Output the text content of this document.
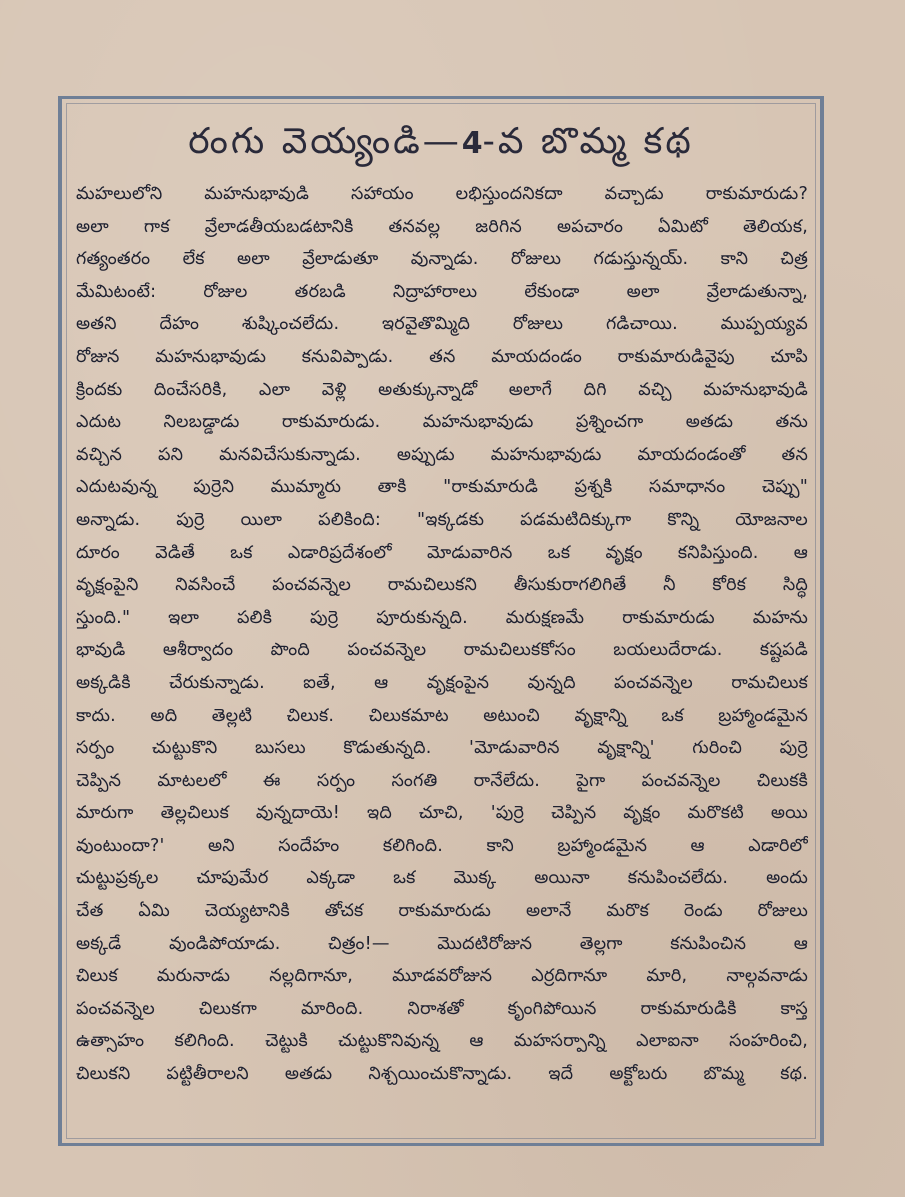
రంగు వెయ్యండి—4-వ బొమ్మ కథ
మహలులోని మహనుభావుడి సహాయం లభిస్తుందనికదా వచ్చాడు రాకుమారుడు?
అలా గాక వ్రేలాడతీయబడటానికి తనవల్ల జరిగిన అపచారం ఏమిటో తెలియక,
గత్యంతరం లేక అలా వ్రేలాడుతూ వున్నాడు. రోజులు గడుస్తున్నయ్. కాని చిత్ర
మేమిటంటే: రోజుల తరబడి నిద్రాహారాలు లేకుండా అలా వ్రేలాడుతున్నా,
అతని దేహం శుష్కించలేదు. ఇరవైతొమ్మిది రోజులు గడిచాయి. ముప్పయ్యవ
రోజున మహనుభావుడు కనువిప్పాడు. తన మాయదండం రాకుమారుడివైపు చూపి
క్రిందకు దించేసరికి, ఎలా వెళ్లి అతుక్కున్నాడో అలాగే దిగి వచ్చి మహనుభావుడి
ఎదుట నిలబడ్డాడు రాకుమారుడు. మహనుభావుడు ప్రశ్నించగా అతడు తను
వచ్చిన పని మనవిచేసుకున్నాడు. అప్పుడు మహనుభావుడు మాయదండంతో తన
ఎదుటవున్న పుర్రెని ముమ్మారు తాకి "రాకుమారుడి ప్రశ్నకి సమాధానం చెప్పు"
అన్నాడు. పుర్రె యిలా పలికింది: "ఇక్కడకు పడమటిదిక్కుగా కొన్ని యోజనాల
దూరం వెడితే ఒక ఎడారిప్రదేశంలో మోడువారిన ఒక వృక్షం కనిపిస్తుంది. ఆ
వృక్షంపైని నివసించే పంచవన్నెల రామచిలుకని తీసుకురాగలిగితే నీ కోరిక సిద్ధి
స్తుంది." ఇలా పలికి పుర్రె పూరుకున్నది. మరుక్షణమే రాకుమారుడు మహను
భావుడి ఆశీర్వాదం పొంది పంచవన్నెల రామచిలుకకోసం బయలుదేరాడు. కష్టపడి
అక్కడికి చేరుకున్నాడు. ఐతే, ఆ వృక్షంపైన వున్నది పంచవన్నెల రామచిలుక
కాదు. అది తెల్లటి చిలుక. చిలుకమాట అటుంచి వృక్షాన్ని ఒక బ్రహ్మాండమైన
సర్పం చుట్టుకొని బుసలు కొడుతున్నది. 'మోడువారిన వృక్షాన్ని' గురించి పుర్రె
చెప్పిన మాటలలో ఈ సర్పం సంగతి రానేలేదు. పైగా పంచవన్నెల చిలుకకి
మారుగా తెల్లచిలుక వున్నదాయె! ఇది చూచి, 'పుర్రె చెప్పిన వృక్షం మరొకటి అయి
వుంటుందా?' అని సందేహం కలిగింది. కాని బ్రహ్మాండమైన ఆ ఎడారిలో
చుట్టుప్రక్కల చూపుమేర ఎక్కడా ఒక మొక్క అయినా కనుపించలేదు. అందు
చేత ఏమి చెయ్యటానికి తోచక రాకుమారుడు అలానే మరొక రెండు రోజులు
అక్కడే వుండిపోయాడు. చిత్రం!— మొదటిరోజున తెల్లగా కనుపించిన ఆ
చిలుక మరునాడు నల్లదిగానూ, మూడవరోజున ఎర్రదిగానూ మారి, నాల్గవనాడు
పంచవన్నెల చిలుకగా మారింది. నిరాశతో కృంగిపోయిన రాకుమారుడికి కాస్త
ఉత్సాహం కలిగింది. చెట్టుకి చుట్టుకొనివున్న ఆ మహసర్పాన్ని ఎలాఐనా సంహరించి,
చిలుకని పట్టితీరాలని అతడు నిశ్చయించుకొన్నాడు. ఇదే అక్టోబరు బొమ్మ కథ.
